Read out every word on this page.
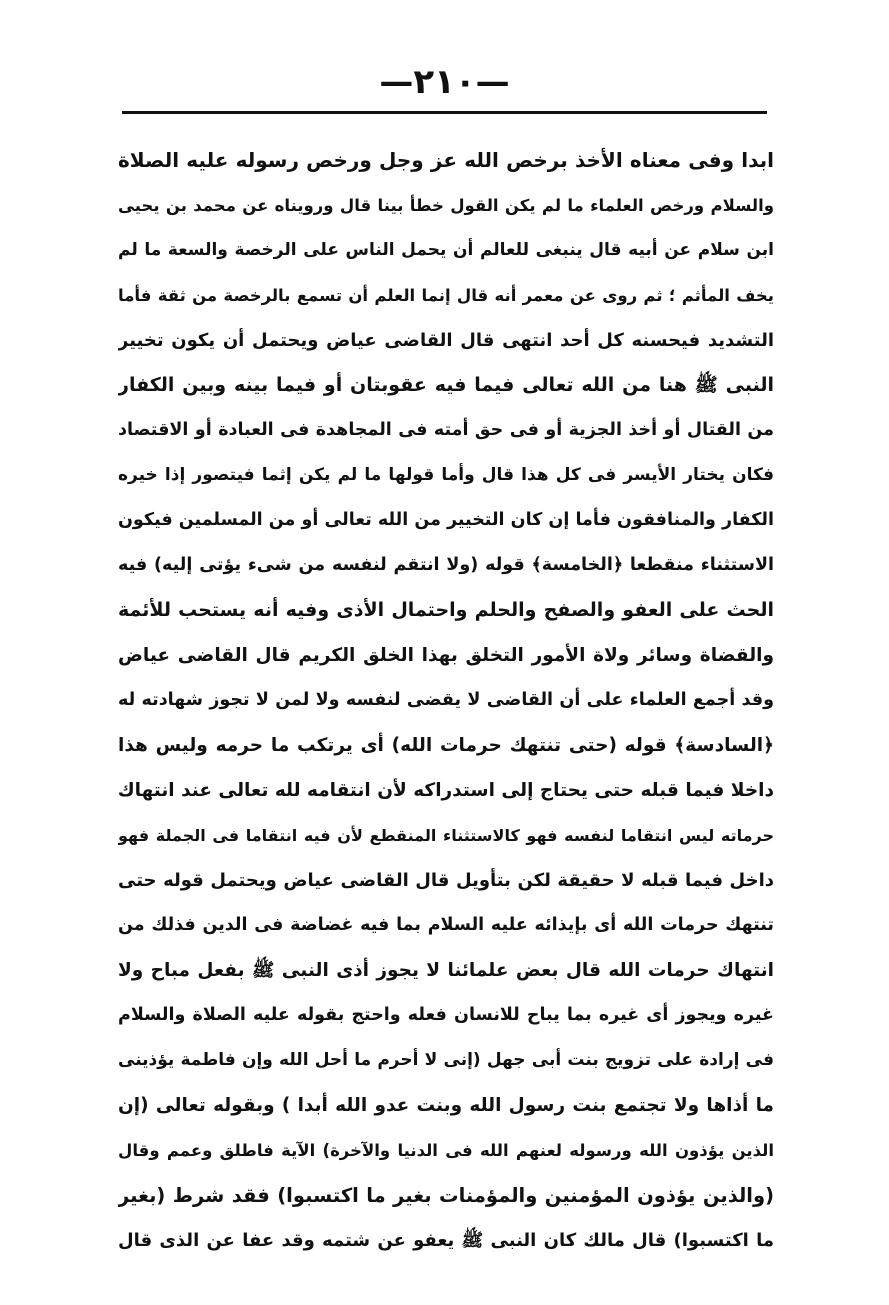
—٢١٠—
ابدا وفى معناه الأخذ برخص الله عز وجل ورخص رسوله عليه الصلاة
والسلام ورخص العلماء ما لم يكن القول خطأ بينا قال ورويناه عن محمد بن يحيى
ابن سلام عن أبيه قال ينبغى للعالم أن يحمل الناس على الرخصة والسعة ما لم
يخف المأثم ؛ ثم روى عن معمر أنه قال إنما العلم أن تسمع بالرخصة من ثقة فأما
التشديد فيحسنه كل أحد انتهى قال القاضى عياض ويحتمل أن يكون تخيير
النبى ﷺ هنا من الله تعالى فيما فيه عقوبتان أو فيما بينه وبين الكفار
من القتال أو أخذ الجزية أو فى حق أمته فى المجاهدة فى العبادة أو الاقتصاد
فكان يختار الأيسر فى كل هذا قال وأما قولها ما لم يكن إثما فيتصور إذا خيره
الكفار والمنافقون فأما إن كان التخيير من الله تعالى أو من المسلمين فيكون
الاستثناء منقطعا ﴿الخامسة﴾ قوله (ولا انتقم لنفسه من شىء يؤتى إليه) فيه
الحث على العفو والصفح والحلم واحتمال الأذى وفيه أنه يستحب للأئمة
والقضاة وسائر ولاة الأمور التخلق بهذا الخلق الكريم قال القاضى عياض
وقد أجمع العلماء على أن القاضى لا يقضى لنفسه ولا لمن لا تجوز شهادته له
﴿السادسة﴾ قوله (حتى تنتهك حرمات الله) أى يرتكب ما حرمه وليس هذا
داخلا فيما قبله حتى يحتاج إلى استدراكه لأن انتقامه لله تعالى عند انتهاك
حرماته ليس انتقاما لنفسه فهو كالاستثناء المنقطع لأن فيه انتقاما فى الجملة فهو
داخل فيما قبله لا حقيقة لكن بتأويل قال القاضى عياض ويحتمل قوله حتى
تنتهك حرمات الله أى بإيذائه عليه السلام بما فيه غضاضة فى الدين فذلك من
انتهاك حرمات الله قال بعض علمائنا لا يجوز أذى النبى ﷺ بفعل مباح ولا
غيره ويجوز أى غيره بما يباح للانسان فعله واحتج بقوله عليه الصلاة والسلام
فى إرادة على تزويج بنت أبى جهل (إنى لا أحرم ما أحل الله وإن فاطمة يؤذينى
ما أذاها ولا تجتمع بنت رسول الله وبنت عدو الله أبدا ) وبقوله تعالى (إن
الذين يؤذون الله ورسوله لعنهم الله فى الدنيا والآخرة) الآية فاطلق وعمم وقال
(والذين يؤذون المؤمنين والمؤمنات بغير ما اكتسبوا) فقد شرط (بغير
ما اكتسبوا) قال مالك كان النبى ﷺ يعفو عن شتمه وقد عفا عن الذى قال
